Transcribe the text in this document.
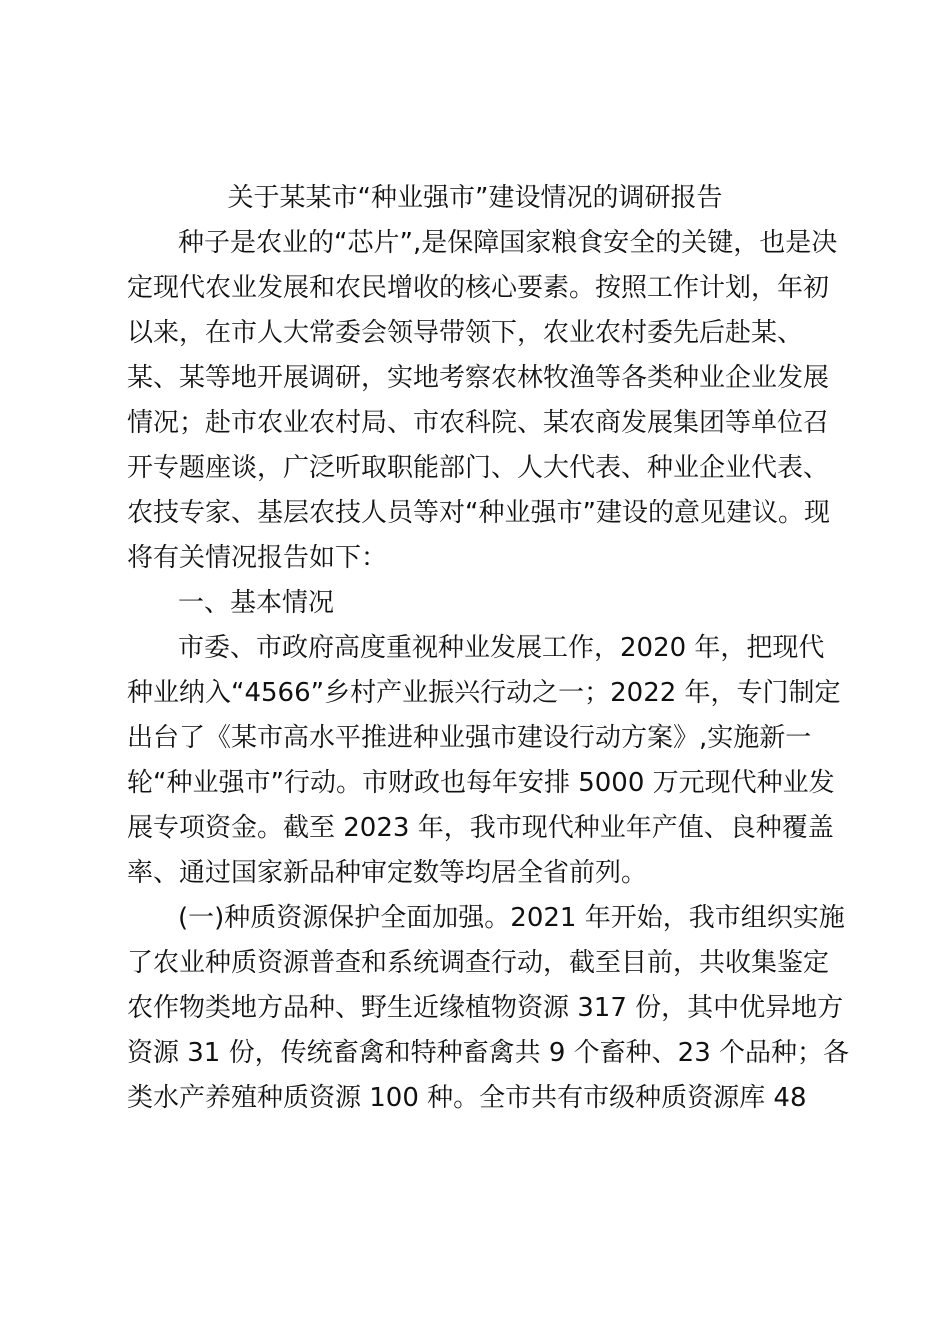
关于某某市“种业强市”建设情况的调研报告
种子是农业的“芯片”,是保障国家粮食安全的关键，也是决
定现代农业发展和农民增收的核心要素。按照工作计划，年初
以来，在市人大常委会领导带领下，农业农村委先后赴某、
某、某等地开展调研，实地考察农林牧渔等各类种业企业发展
情况；赴市农业农村局、市农科院、某农商发展集团等单位召
开专题座谈，广泛听取职能部门、人大代表、种业企业代表、
农技专家、基层农技人员等对“种业强市”建设的意见建议。现
将有关情况报告如下：
一、基本情况
市委、市政府高度重视种业发展工作，2020 年，把现代
种业纳入“4566”乡村产业振兴行动之一；2022 年，专门制定
出台了《某市高水平推进种业强市建设行动方案》,实施新一
轮“种业强市”行动。市财政也每年安排 5000 万元现代种业发
展专项资金。截至 2023 年，我市现代种业年产值、良种覆盖
率、通过国家新品种审定数等均居全省前列。
(一)种质资源保护全面加强。2021 年开始，我市组织实施
了农业种质资源普查和系统调查行动，截至目前，共收集鉴定
农作物类地方品种、野生近缘植物资源 317 份，其中优异地方
资源 31 份，传统畜禽和特种畜禽共 9 个畜种、23 个品种；各
类水产养殖种质资源 100 种。全市共有市级种质资源库 48
